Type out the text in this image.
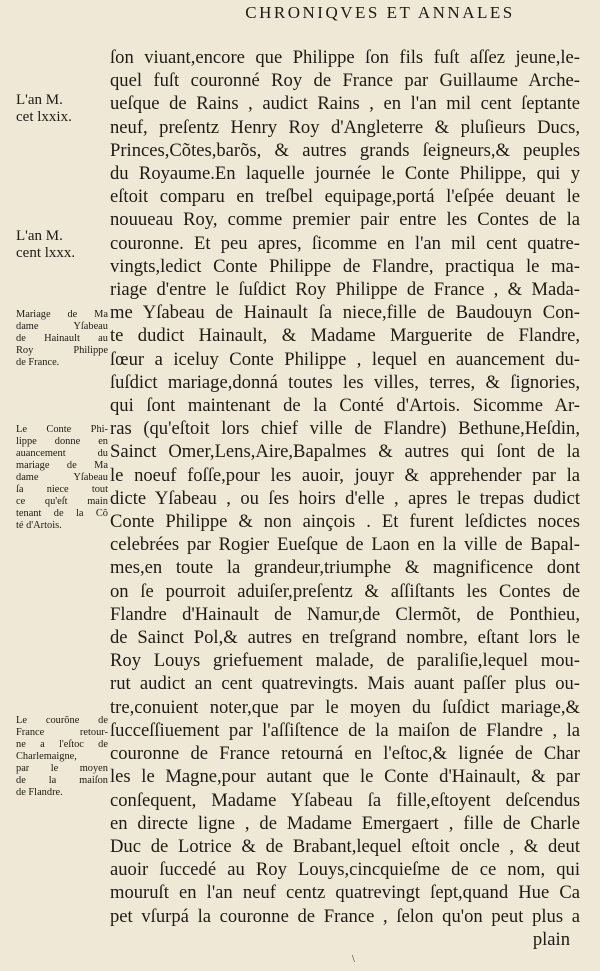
CHRONIQVES ET ANNALES
ſon viuant,encore que Philippe ſon fils fuſt aſſez jeune,le-
quel fuſt couronné Roy de France par Guillaume Arche-
ueſque de Rains , audict Rains , en l'an mil cent ſeptante
neuf, preſentz Henry Roy d'Angleterre & pluſieurs Ducs,
Princes,Cõtes,barõs, & autres grands ſeigneurs,& peuples
du Royaume.En laquelle journée le Conte Philippe, qui y
eſtoit comparu en treſbel equipage,portá l'eſpée deuant le
nouueau Roy, comme premier pair entre les Contes de la
couronne. Et peu apres, ſicomme en l'an mil cent quatre-
vingts,ledict Conte Philippe de Flandre, practiqua le ma-
riage d'entre le ſuſdict Roy Philippe de France , & Mada-
me Yſabeau de Hainault ſa niece,fille de Baudouyn Con-
te dudict Hainault, & Madame Marguerite de Flandre,
ſœur a iceluy Conte Philippe , lequel en auancement du-
ſuſdict mariage,donná toutes les villes, terres, & ſignories,
qui ſont maintenant de la Conté d'Artois. Sicomme Ar-
ras (qu'eſtoit lors chief ville de Flandre) Bethune,Heſdin,
Sainct Omer,Lens,Aire,Bapalmes & autres qui ſont de la
le noeuf foſſe,pour les auoir, jouyr & apprehender par la
dicte Yſabeau , ou ſes hoirs d'elle , apres le trepas dudict
Conte Philippe & non ainçois . Et furent leſdictes noces
celebrées par Rogier Eueſque de Laon en la ville de Bapal-
mes,en toute la grandeur,triumphe & magnificence dont
on ſe pourroit aduiſer,preſentz & aſſiſtants les Contes de
Flandre d'Hainault de Namur,de Clermõt, de Ponthieu,
de Sainct Pol,& autres en treſgrand nombre, eſtant lors le
Roy Louys griefuement malade, de paraliſie,lequel mou-
rut audict an cent quatrevingts. Mais auant paſſer plus ou-
tre,conuient noter,que par le moyen du ſuſdict mariage,&
ſucceſſiuement par l'aſſiſtence de la maiſon de Flandre , la
couronne de France retourná en l'eſtoc,& lignée de Char
les le Magne,pour autant que le Conte d'Hainault, & par
conſequent, Madame Yſabeau ſa fille,eſtoyent deſcendus
en directe ligne , de Madame Emergaert , fille de Charle
Duc de Lotrice & de Brabant,lequel eſtoit oncle , & deut
auoir ſuccedé au Roy Louys,cincquieſme de ce nom, qui
mouruſt en l'an neuf centz quatrevingt ſept,quand Hue Ca
pet vſurpá la couronne de France , ſelon qu'on peut plus a
plain
L'an M.
cet lxxix.
L'an M.
cent lxxx.
Mariage de Ma
dame Yſabeau
de Hainault au
Roy Philippe
de France.
Le Conte Phi-
lippe donne en
auancement du
mariage de Ma
dame Yſabeau
ſa niece tout
ce qu'eſt main
tenant de la Cõ
té d'Artois.
Le courõne de
France retour-
ne a l'eſtoc de
Charlemaigne,
par le moyen
de la maiſon
de Flandre.
\
